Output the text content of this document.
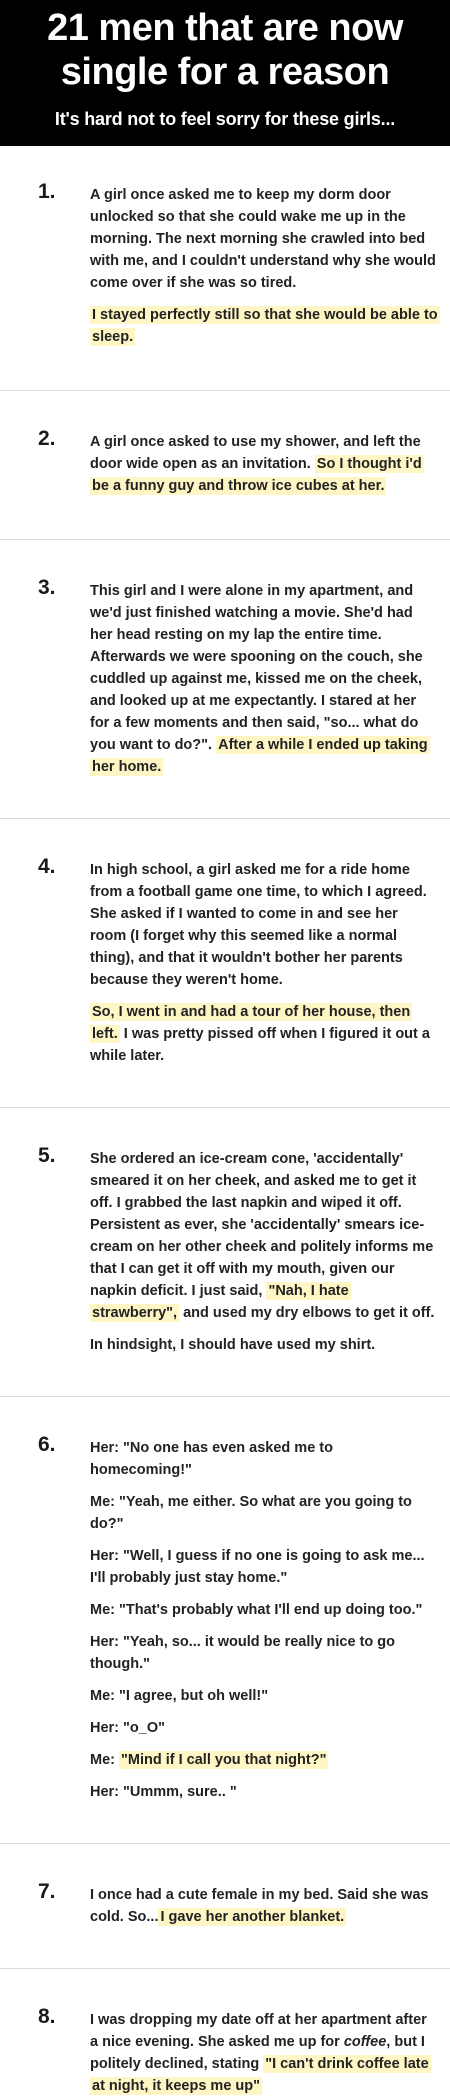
21 men that are now
single for a reason
It's hard not to feel sorry for these girls...
1. A girl once asked me to keep my dorm door unlocked so that she could wake me up in the morning. The next morning she crawled into bed with me, and I couldn't understand why she would come over if she was so tired.

I stayed perfectly still so that she would be able to sleep.

2. A girl once asked to use my shower, and left the door wide open as an invitation. So I thought i'd be a funny guy and throw ice cubes at her.

3. This girl and I were alone in my apartment, and we'd just finished watching a movie. She'd had her head resting on my lap the entire time. Afterwards we were spooning on the couch, she cuddled up against me, kissed me on the cheek, and looked up at me expectantly. I stared at her for a few moments and then said, "so... what do you want to do?". After a while I ended up taking her home.

4. In high school, a girl asked me for a ride home from a football game one time, to which I agreed. She asked if I wanted to come in and see her room (I forget why this seemed like a normal thing), and that it wouldn't bother her parents because they weren't home.

So, I went in and had a tour of her house, then left. I was pretty pissed off when I figured it out a while later.

5. She ordered an ice-cream cone, 'accidentally' smeared it on her cheek, and asked me to get it off. I grabbed the last napkin and wiped it off. Persistent as ever, she 'accidentally' smears ice-cream on her other cheek and politely informs me that I can get it off with my mouth, given our napkin deficit. I just said, "Nah, I hate strawberry", and used my dry elbows to get it off.

In hindsight, I should have used my shirt.

6. Her: "No one has even asked me to homecoming!"

Me: "Yeah, me either. So what are you going to do?"

Her: "Well, I guess if no one is going to ask me... I'll probably just stay home."

Me: "That's probably what I'll end up doing too."

Her: "Yeah, so... it would be really nice to go though."

Me: "I agree, but oh well!"

Her: "o_O"

Me: "Mind if I call you that night?"

Her: "Ummm, sure.. "

7. I once had a cute female in my bed. Said she was cold. So... I gave her another blanket.

8. I was dropping my date off at her apartment after a nice evening. She asked me up for coffee, but I politely declined, stating "I can't drink coffee late at night, it keeps me up"
